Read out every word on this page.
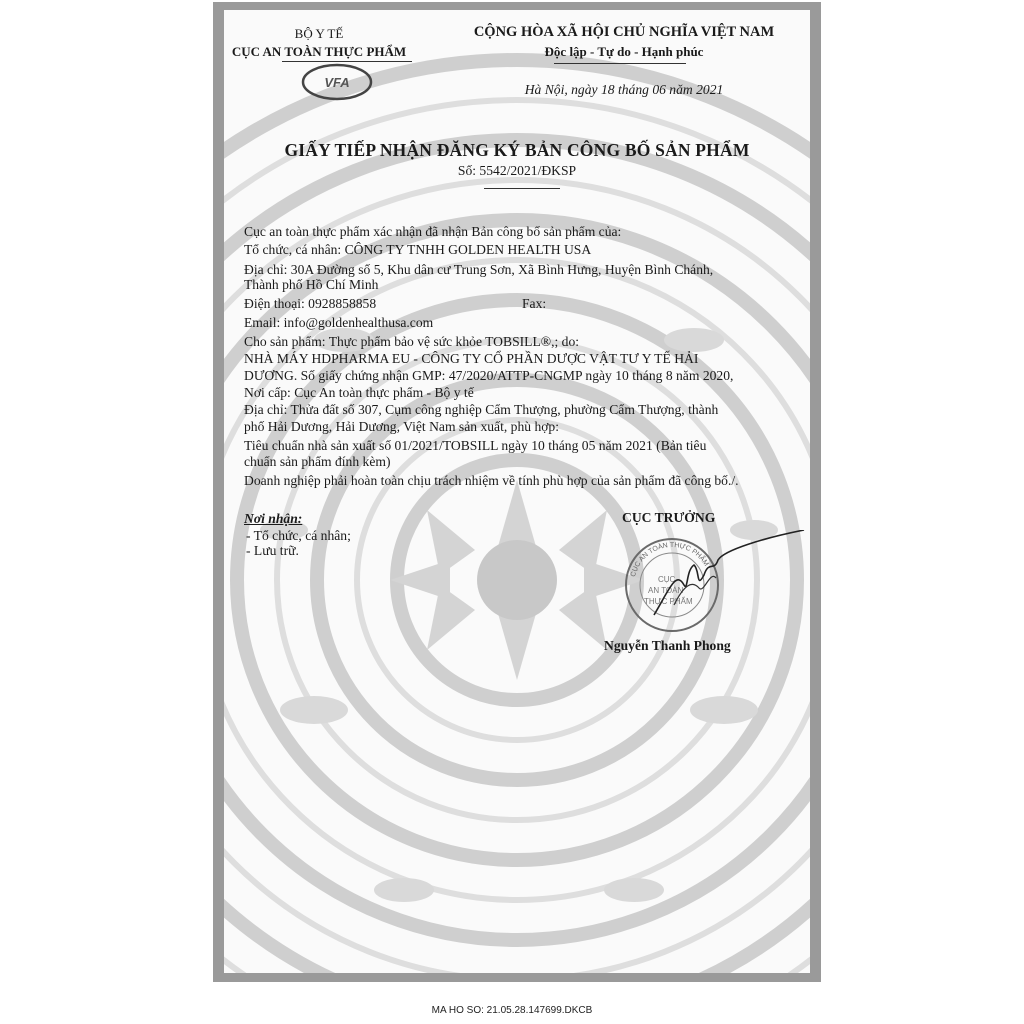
BỘ Y TẾ
CỤC AN TOÀN THỰC PHẨM
VFA
CỘNG HÒA XÃ HỘI CHỦ NGHĨA VIỆT NAM
Độc lập - Tự do - Hạnh phúc
Hà Nội, ngày 18 tháng 06 năm 2021
GIẤY TIẾP NHẬN ĐĂNG KÝ BẢN CÔNG BỐ SẢN PHẨM
Số: 5542/2021/ĐKSP
Cục an toàn thực phẩm xác nhận đã nhận Bản công bố sản phẩm của:
Tổ chức, cá nhân: CÔNG TY TNHH GOLDEN HEALTH USA
Địa chỉ: 30A Đường số 5, Khu dân cư Trung Sơn, Xã Bình Hưng, Huyện Bình Chánh,
Thành phố Hồ Chí Minh
Điện thoại: 0928858858	Fax:
Email: info@goldenhealthusa.com
Cho sản phẩm: Thực phẩm bảo vệ sức khỏe TOBSILL®,; do:
NHÀ MÁY HDPHARMA EU - CÔNG TY CỔ PHẦN DƯỢC VẬT TƯ Y TẾ HẢI
DƯƠNG. Số giấy chứng nhận GMP: 47/2020/ATTP-CNGMP ngày 10 tháng 8 năm 2020,
Nơi cấp: Cục An toàn thực phẩm - Bộ y tế
Địa chỉ: Thửa đất số 307, Cụm công nghiệp Cẩm Thượng, phường Cẩm Thượng, thành
phố Hải Dương, Hải Dương, Việt Nam sản xuất, phù hợp:
Tiêu chuẩn nhà sản xuất số 01/2021/TOBSILL ngày 10 tháng 05 năm 2021 (Bản tiêu
chuẩn sản phẩm đính kèm)
Doanh nghiệp phải hoàn toàn chịu trách nhiệm về tính phù hợp của sản phẩm đã công bố./.
Nơi nhận:
- Tổ chức, cá nhân;
- Lưu trữ.
CỤC TRƯỞNG
CỤC AN TOÀN THỰC PHẨM
CỤC
AN TOÀN
THỰC PHẨM
Nguyễn Thanh Phong
MA HO SO: 21.05.28.147699.DKCB
